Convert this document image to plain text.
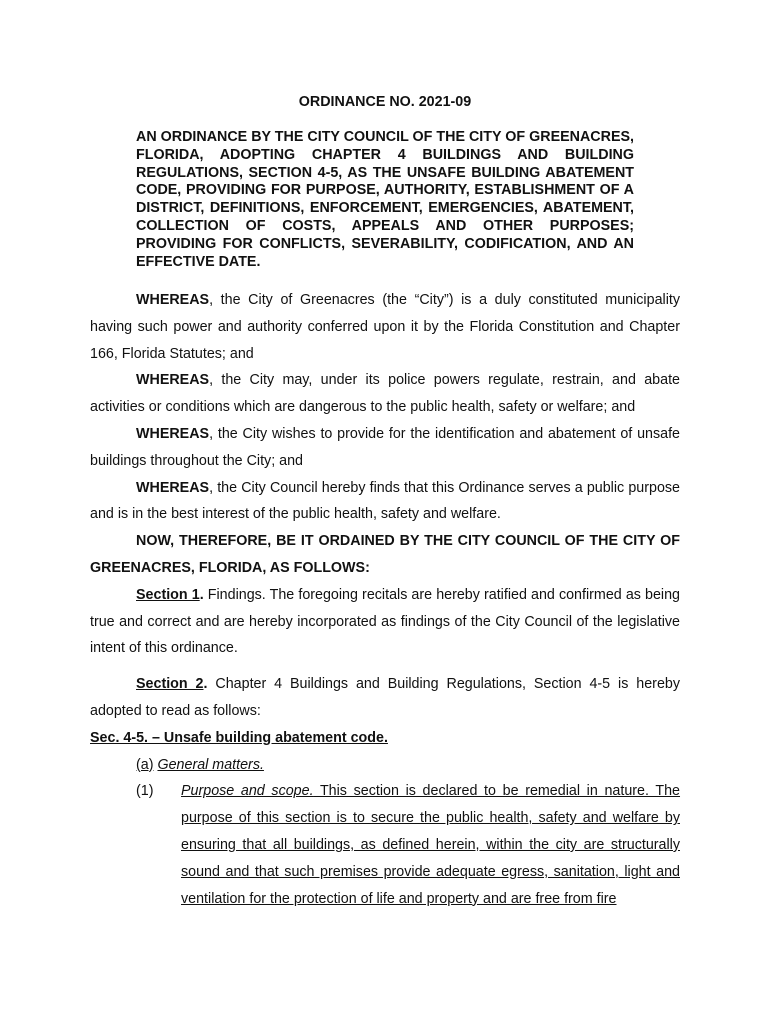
ORDINANCE NO. 2021-09
AN ORDINANCE BY THE CITY COUNCIL OF THE CITY OF GREENACRES, FLORIDA, ADOPTING CHAPTER 4 BUILDINGS AND BUILDING REGULATIONS, SECTION 4-5, AS THE UNSAFE BUILDING ABATEMENT CODE, PROVIDING FOR PURPOSE, AUTHORITY, ESTABLISHMENT OF A DISTRICT, DEFINITIONS, ENFORCEMENT, EMERGENCIES, ABATEMENT, COLLECTION OF COSTS, APPEALS AND OTHER PURPOSES; PROVIDING FOR CONFLICTS, SEVERABILITY, CODIFICATION, AND AN EFFECTIVE DATE.

WHEREAS, the City of Greenacres (the “City”) is a duly constituted municipality having such power and authority conferred upon it by the Florida Constitution and Chapter 166, Florida Statutes; and

WHEREAS, the City may, under its police powers regulate, restrain, and abate activities or conditions which are dangerous to the public health, safety or welfare; and

WHEREAS, the City wishes to provide for the identification and abatement of unsafe buildings throughout the City; and

WHEREAS, the City Council hereby finds that this Ordinance serves a public purpose and is in the best interest of the public health, safety and welfare.

NOW, THEREFORE, BE IT ORDAINED BY THE CITY COUNCIL OF THE CITY OF GREENACRES, FLORIDA, AS FOLLOWS:

Section 1. Findings. The foregoing recitals are hereby ratified and confirmed as being true and correct and are hereby incorporated as findings of the City Council of the legislative intent of this ordinance.

Section 2. Chapter 4 Buildings and Building Regulations, Section 4-5 is hereby adopted to read as follows:

Sec. 4-5. – Unsafe building abatement code.

(a) General matters.

(1) Purpose and scope. This section is declared to be remedial in nature. The purpose of this section is to secure the public health, safety and welfare by ensuring that all buildings, as defined herein, within the city are structurally sound and that such premises provide adequate egress, sanitation, light and ventilation for the protection of life and property and are free from fire
